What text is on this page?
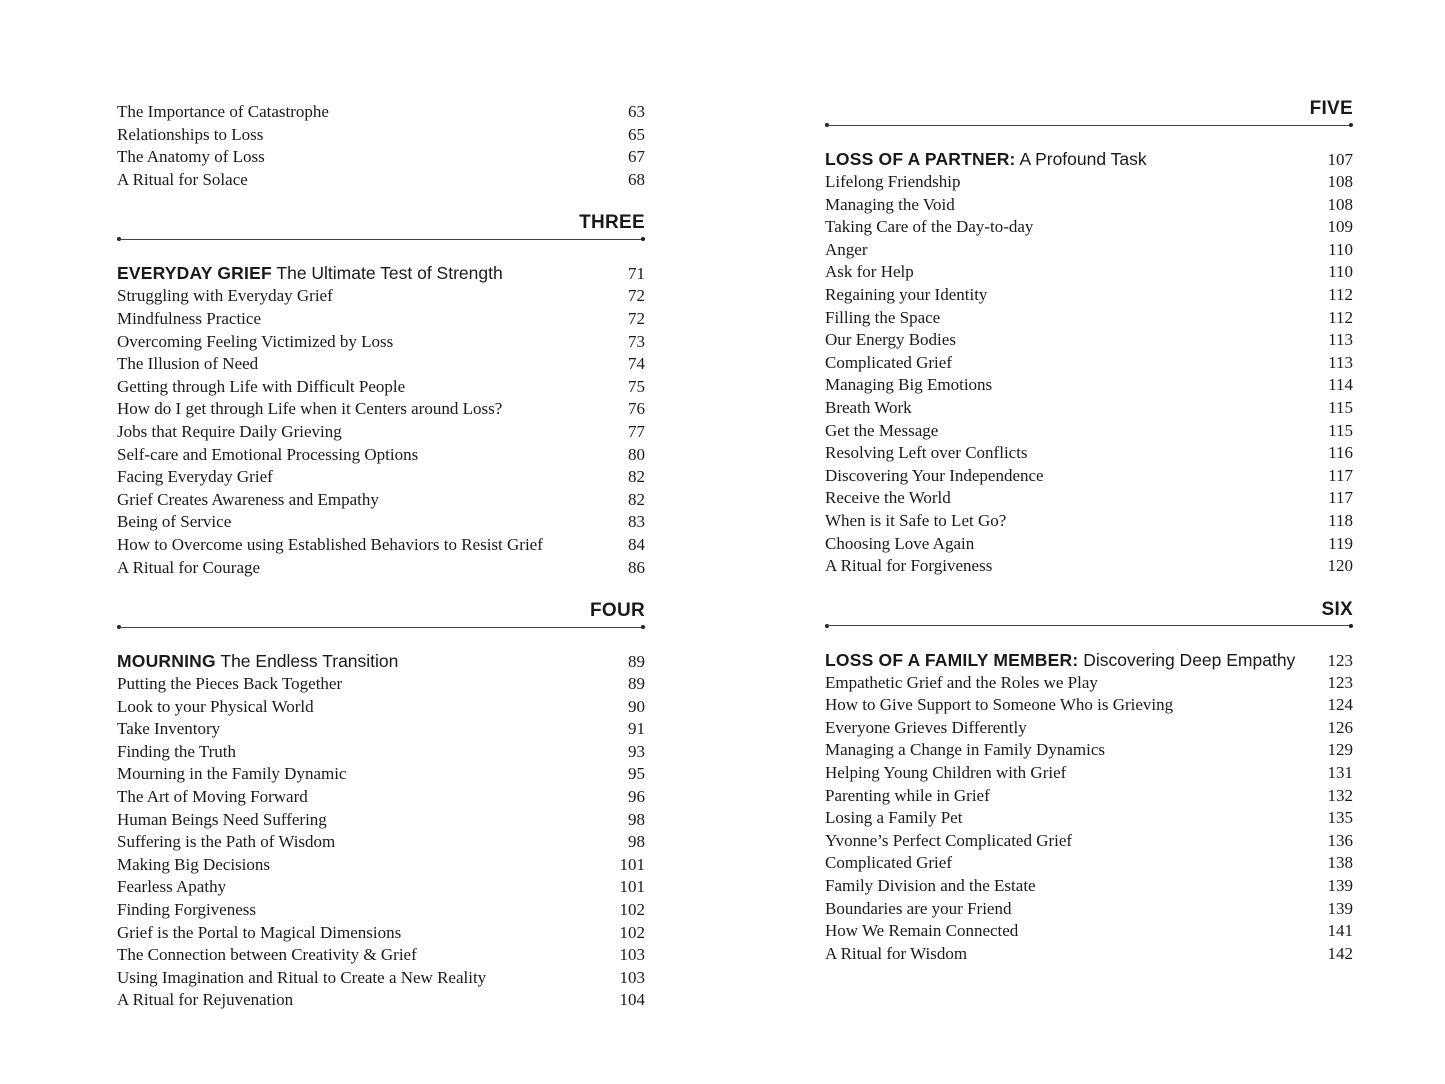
The Importance of Catastrophe	63
Relationships to Loss	65
The Anatomy of Loss	67
A Ritual for Solace	68
THREE
EVERYDAY GRIEF The Ultimate Test of Strength	71
Struggling with Everyday Grief	72
Mindfulness Practice	72
Overcoming Feeling Victimized by Loss	73
The Illusion of Need	74
Getting through Life with Difficult People	75
How do I get through Life when it Centers around Loss?	76
Jobs that Require Daily Grieving	77
Self-care and Emotional Processing Options	80
Facing Everyday Grief	82
Grief Creates Awareness and Empathy	82
Being of Service	83
How to Overcome using Established Behaviors to Resist Grief	84
A Ritual for Courage	86
FOUR
MOURNING The Endless Transition	89
Putting the Pieces Back Together	89
Look to your Physical World	90
Take Inventory	91
Finding the Truth	93
Mourning in the Family Dynamic	95
The Art of Moving Forward	96
Human Beings Need Suffering	98
Suffering is the Path of Wisdom	98
Making Big Decisions	101
Fearless Apathy	101
Finding Forgiveness	102
Grief is the Portal to Magical Dimensions	102
The Connection between Creativity & Grief	103
Using Imagination and Ritual to Create a New Reality	103
A Ritual for Rejuvenation	104
FIVE
LOSS OF A PARTNER: A Profound Task	107
Lifelong Friendship	108
Managing the Void	108
Taking Care of the Day-to-day	109
Anger	110
Ask for Help	110
Regaining your Identity	112
Filling the Space	112
Our Energy Bodies	113
Complicated Grief	113
Managing Big Emotions	114
Breath Work	115
Get the Message	115
Resolving Left over Conflicts	116
Discovering Your Independence	117
Receive the World	117
When is it Safe to Let Go?	118
Choosing Love Again	119
A Ritual for Forgiveness	120
SIX
LOSS OF A FAMILY MEMBER: Discovering Deep Empathy 123
Empathetic Grief and the Roles we Play	123
How to Give Support to Someone Who is Grieving	124
Everyone Grieves Differently	126
Managing a Change in Family Dynamics	129
Helping Young Children with Grief	131
Parenting while in Grief	132
Losing a Family Pet	135
Yvonne’s Perfect Complicated Grief	136
Complicated Grief	138
Family Division and the Estate	139
Boundaries are your Friend	139
How We Remain Connected	141
A Ritual for Wisdom	142
